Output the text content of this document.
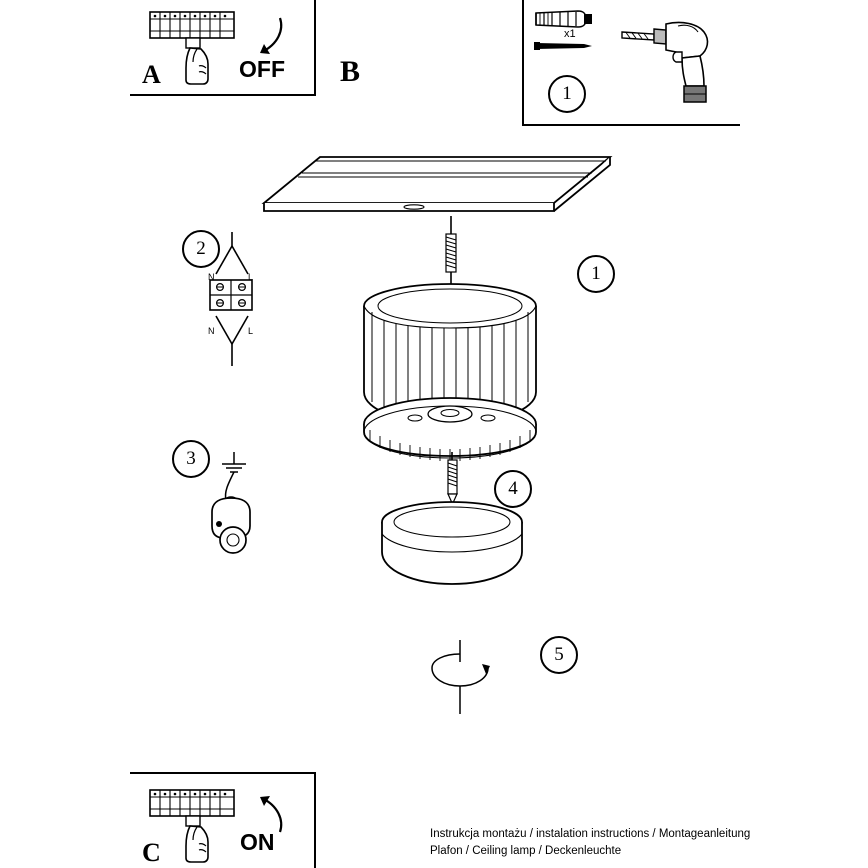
A	OFF B
1
x1
1
2
N	L
N	L
3
4
5
C	ON	Instrukcja montażu / instalation instructions / Montageanleitung
Plafon / Ceiling lamp / Deckenleuchte
